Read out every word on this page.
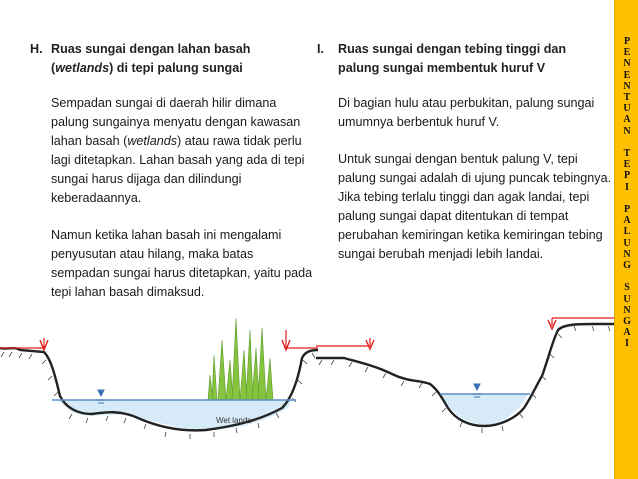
H. Ruas sungai dengan lahan basah
(wetlands) di tepi palung sungai

Sempadan sungai di daerah hilir dimana palung sungainya menyatu dengan kawasan lahan basah (wetlands) atau rawa tidak perlu lagi ditetapkan. Lahan basah yang ada di tepi sungai harus dijaga dan dilindungi keberadaannya.

Namun ketika lahan basah ini mengalami penyusutan atau hilang, maka batas sempadan sungai harus ditetapkan, yaitu pada tepi lahan basah dimaksud.

I.	Ruas sungai dengan tebing tinggi dan
palung sungai membentuk huruf V

Di bagian hulu atau perbukitan, palung sungai umumnya berbentuk huruf V.

Untuk sungai dengan bentuk palung V, tepi palung sungai adalah di ujung puncak tebingnya. Jika tebing terlalu tinggi dan agak landai, tepi palung sungai dapat ditentukan di tempat perubahan kemiringan ketika kemiringan tebing sungai berubah menjadi lebih landai.

Wet lands
P
E
N
E
N
T
U
A
N

T
E
P
I

P
A
L
U
N
G

S
U
N
G
A
I
